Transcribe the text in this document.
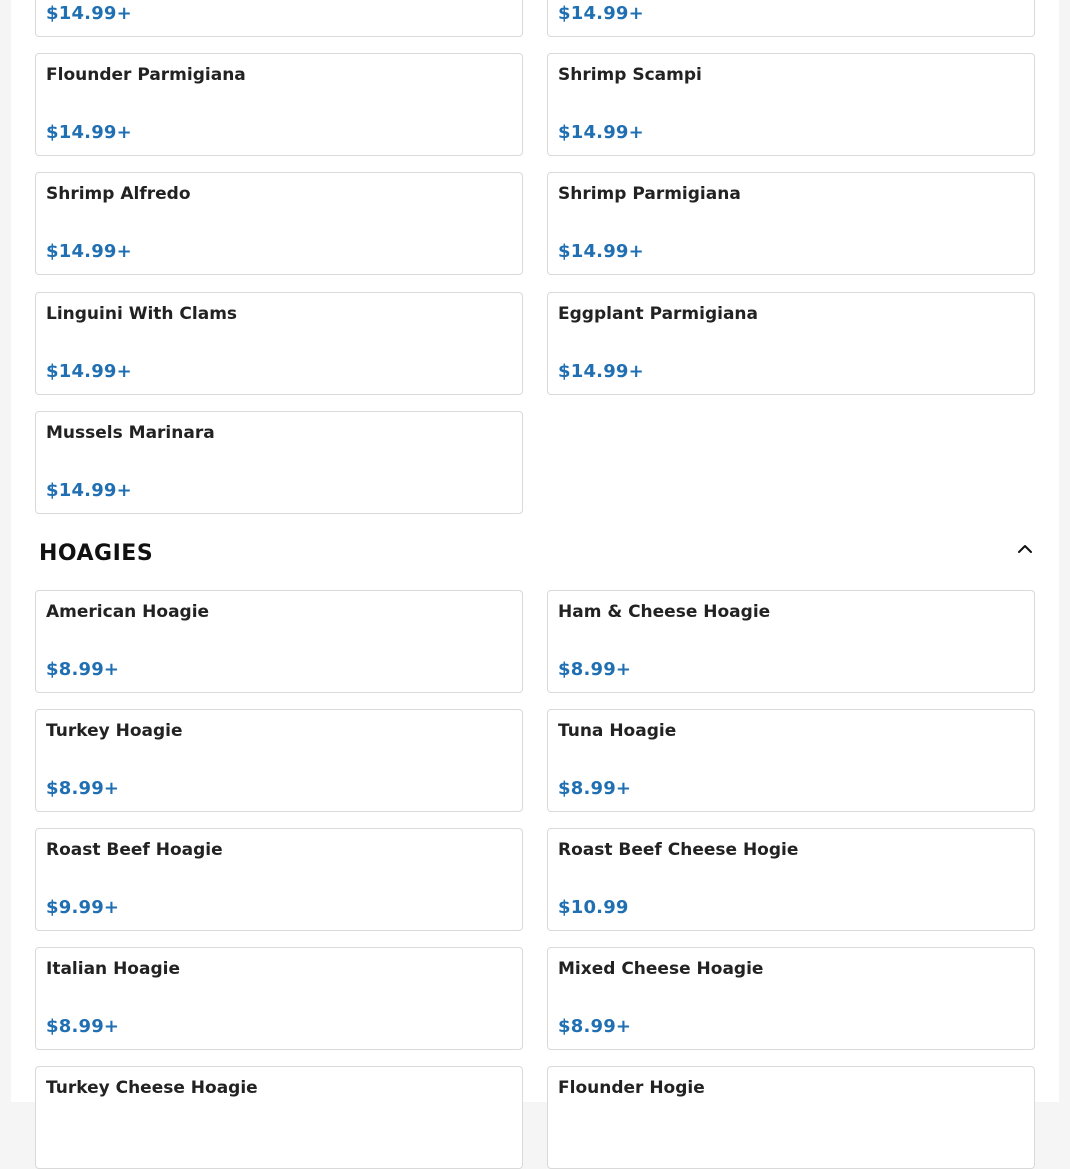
$14.99+	$14.99+
Flounder Parmigiana
$14.99+
Shrimp Scampi
$14.99+
Shrimp Alfredo
$14.99+
Shrimp Parmigiana
$14.99+
Linguini With Clams
$14.99+
Eggplant Parmigiana
$14.99+
Mussels Marinara
$14.99+
HOAGIES
American Hoagie
$8.99+
Ham & Cheese Hoagie
$8.99+
Turkey Hoagie
$8.99+
Tuna Hoagie
$8.99+
Roast Beef Hoagie
$9.99+
Roast Beef Cheese Hogie
$10.99
Italian Hoagie
$8.99+
Mixed Cheese Hoagie
$8.99+
Turkey Cheese Hoagie	Flounder Hogie
